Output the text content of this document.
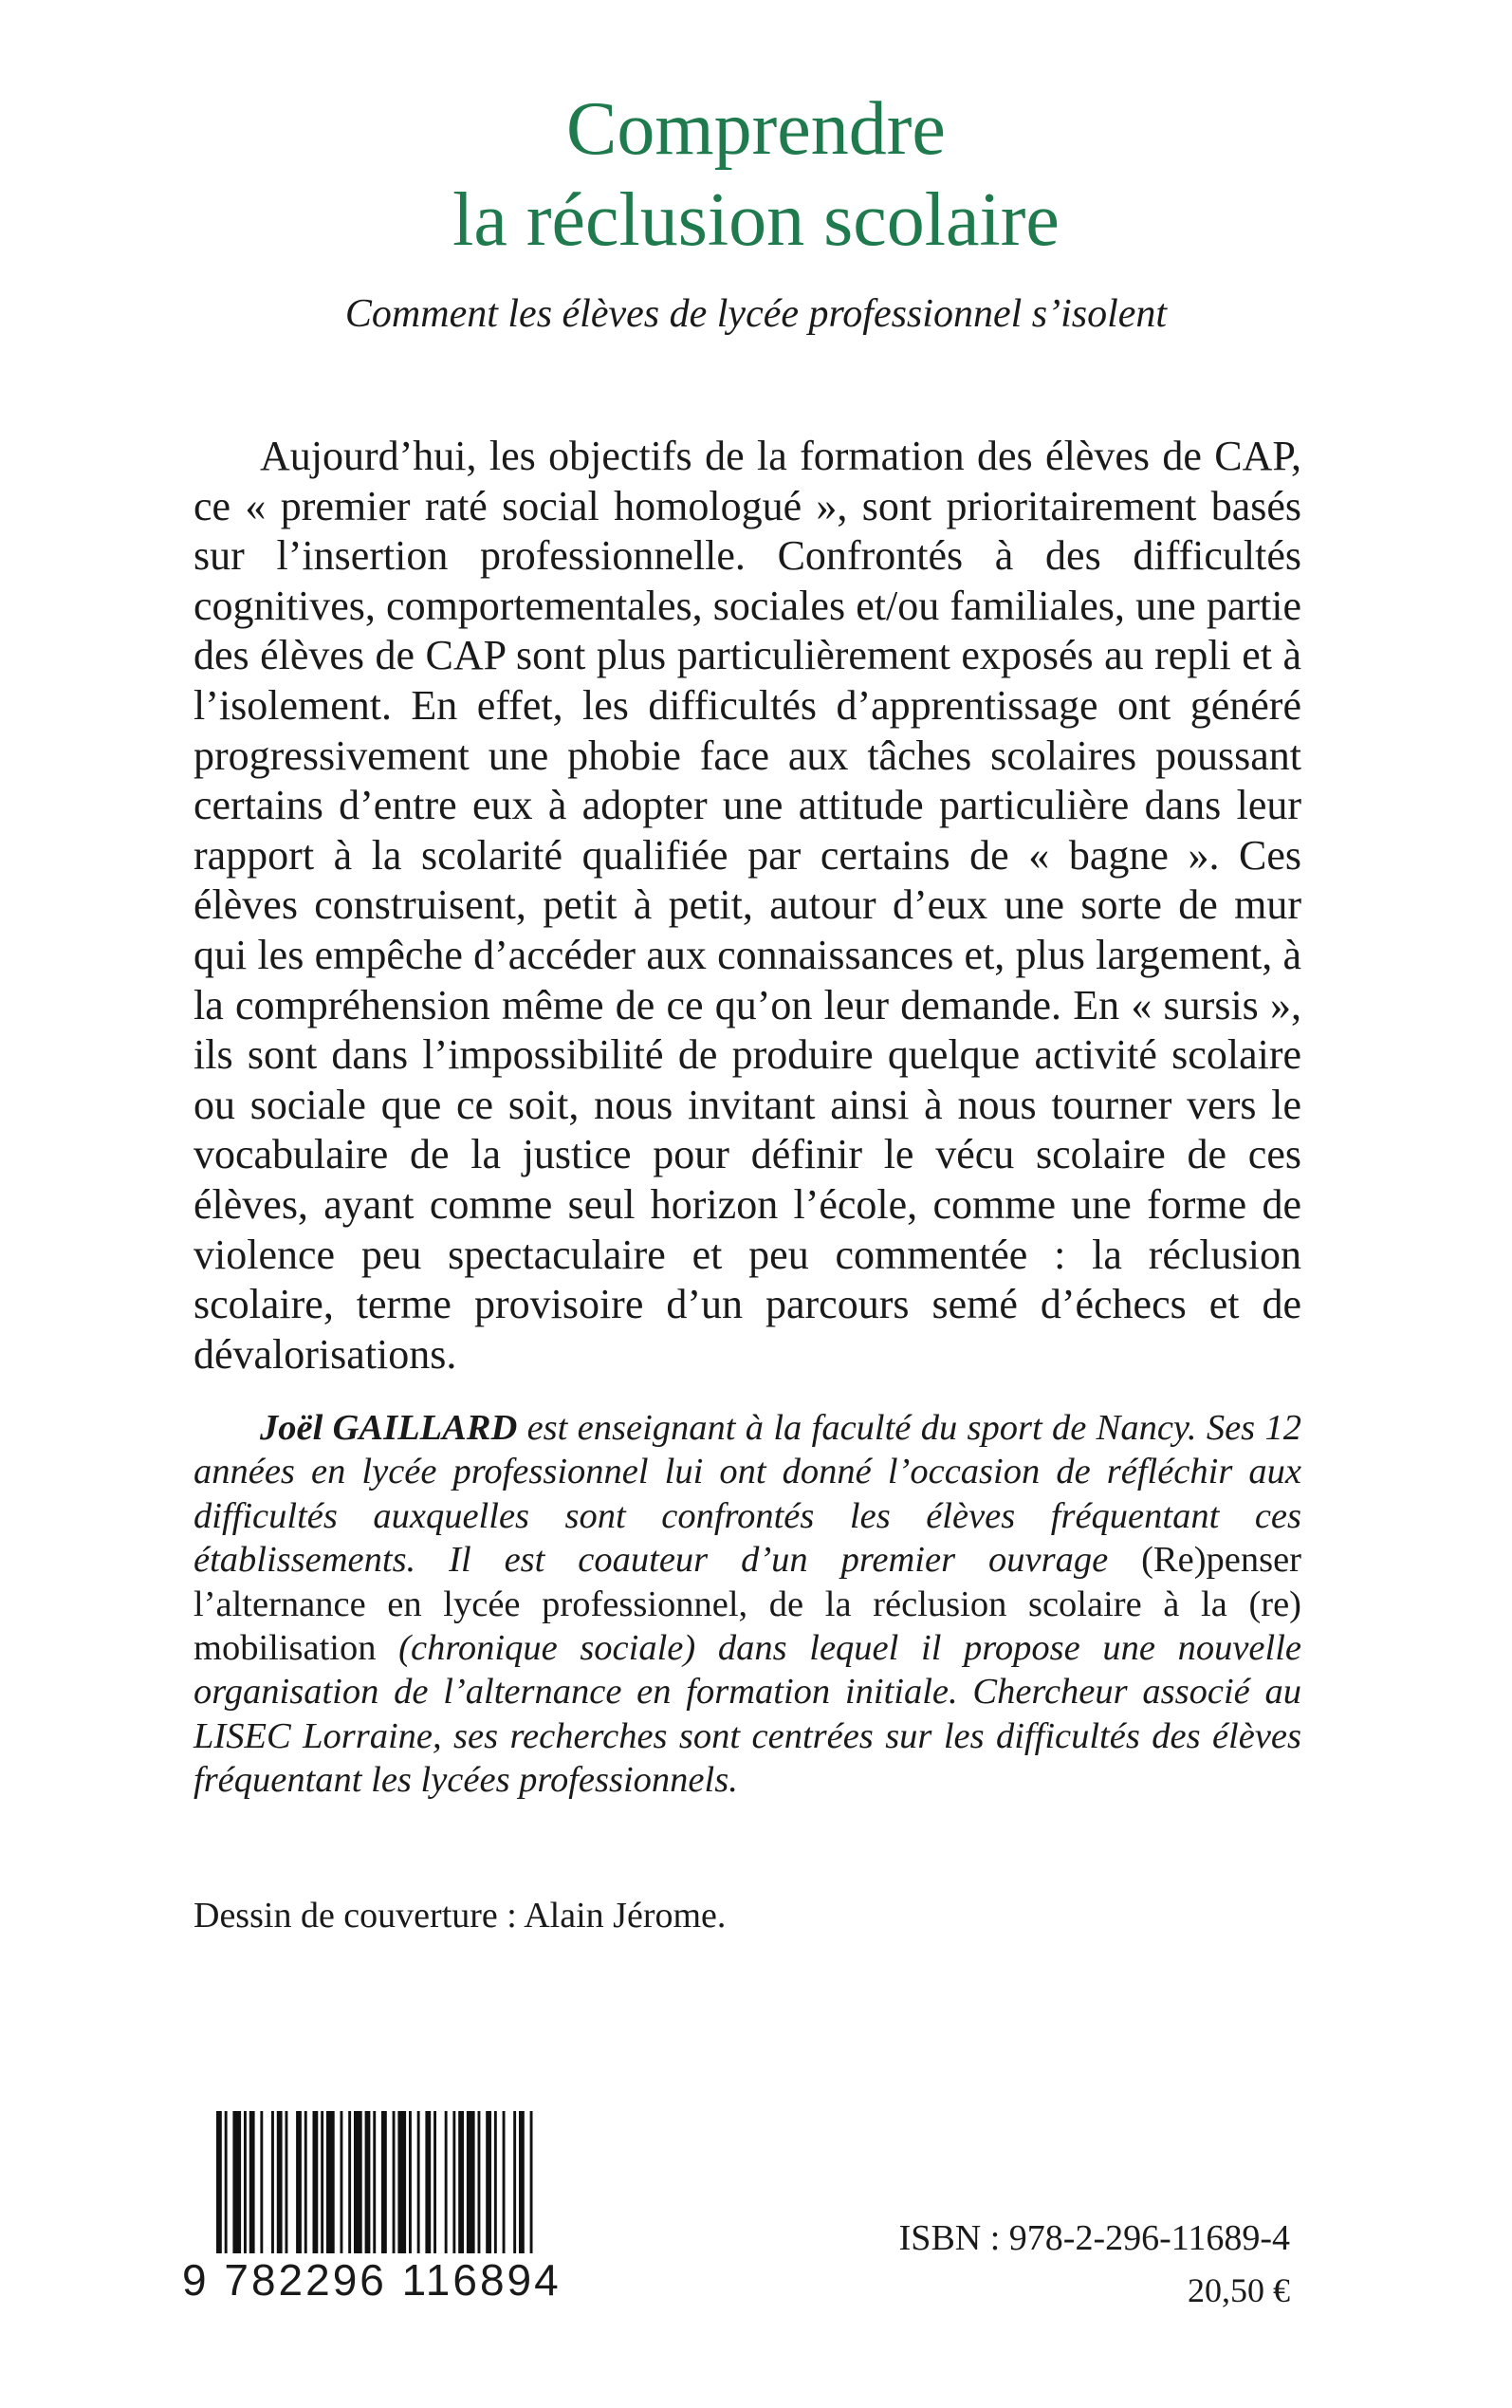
Comprendre
la réclusion scolaire
Comment les élèves de lycée professionnel s’isolent

Aujourd’hui, les objectifs de la formation des élèves de CAP, ce « premier raté social homologué », sont prioritairement basés sur l’insertion professionnelle. Confrontés à des difficultés cognitives, comportementales, sociales et/ou familiales, une partie des élèves de CAP sont plus particulièrement exposés au repli et à l’isolement. En effet, les difficultés d’apprentissage ont généré progressivement une phobie face aux tâches scolaires poussant certains d’entre eux à adopter une attitude particulière dans leur rapport à la scolarité qualifiée par certains de « bagne ». Ces élèves construisent, petit à petit, autour d’eux une sorte de mur qui les empêche d’accéder aux connaissances et, plus largement, à la compréhension même de ce qu’on leur demande. En « sursis », ils sont dans l’impossibilité de produire quelque activité scolaire ou sociale que ce soit, nous invitant ainsi à nous tourner vers le vocabulaire de la justice pour définir le vécu scolaire de ces élèves, ayant comme seul horizon l’école, comme une forme de violence peu spectaculaire et peu commentée : la réclusion scolaire, terme provisoire d’un parcours semé d’échecs et de dévalorisations.

Joël GAILLARD est enseignant à la faculté du sport de Nancy. Ses 12 années en lycée professionnel lui ont donné l’occasion de réfléchir aux difficultés auxquelles sont confrontés les élèves fréquentant ces établissements. Il est coauteur d’un premier ouvrage (Re)penser l’alternance en lycée professionnel, de la réclusion scolaire à la (re) mobilisation (chronique sociale) dans lequel il propose une nouvelle organisation de l’alternance en formation initiale. Chercheur associé au LISEC Lorraine, ses recherches sont centrées sur les difficultés des élèves fréquentant les lycées professionnels.

Dessin de couverture : Alain Jérome.
9 782296 116894
ISBN : 978-2-296-11689-4
20,50 €
